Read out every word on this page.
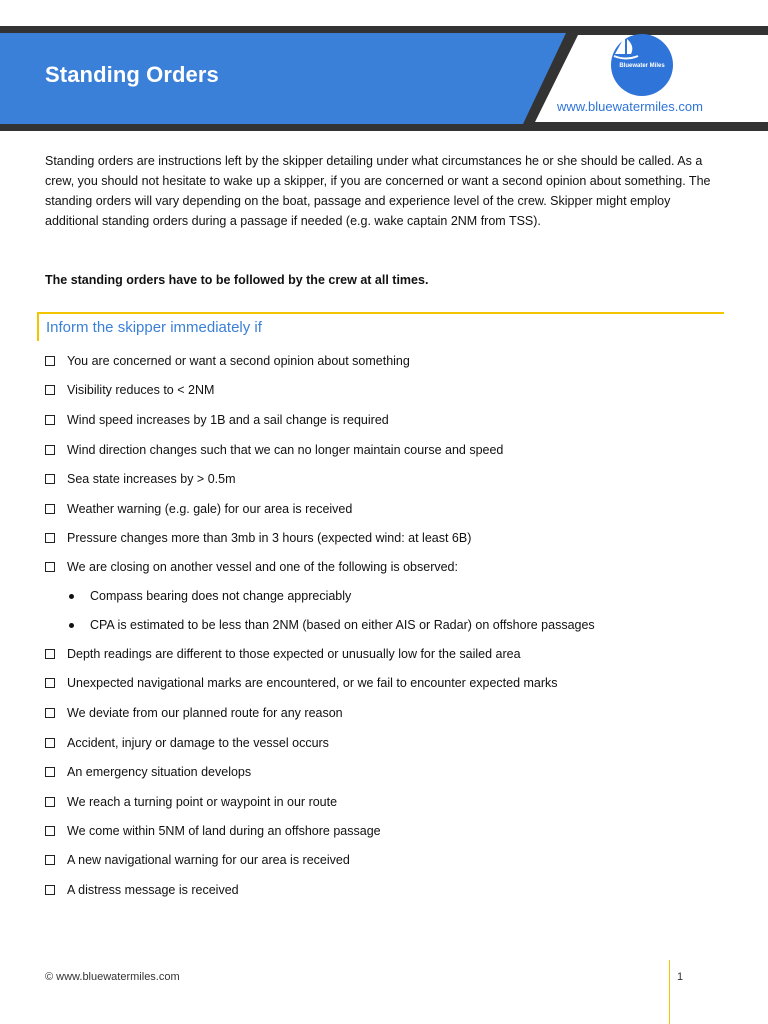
Standing Orders	Bluewater Miles
www.bluewatermiles.com
Standing orders are instructions left by the skipper detailing under what circumstances he or she should be called. As a crew, you should not hesitate to wake up a skipper, if you are concerned or want a second opinion about something. The standing orders will vary depending on the boat, passage and experience level of the crew. Skipper might employ additional standing orders during a passage if needed (e.g. wake captain 2NM from TSS).
The standing orders have to be followed by the crew at all times.
Inform the skipper immediately if
You are concerned or want a second opinion about something
Visibility reduces to < 2NM
Wind speed increases by 1B and a sail change is required
Wind direction changes such that we can no longer maintain course and speed
Sea state increases by > 0.5m
Weather warning (e.g. gale) for our area is received
Pressure changes more than 3mb in 3 hours (expected wind: at least 6B)
We are closing on another vessel and one of the following is observed:
Compass bearing does not change appreciably
CPA is estimated to be less than 2NM (based on either AIS or Radar) on offshore passages
Depth readings are different to those expected or unusually low for the sailed area
Unexpected navigational marks are encountered, or we fail to encounter expected marks
We deviate from our planned route for any reason
Accident, injury or damage to the vessel occurs
An emergency situation develops
We reach a turning point or waypoint in our route
We come within 5NM of land during an offshore passage
A new navigational warning for our area is received
A distress message is received
© www.bluewatermiles.com	1
